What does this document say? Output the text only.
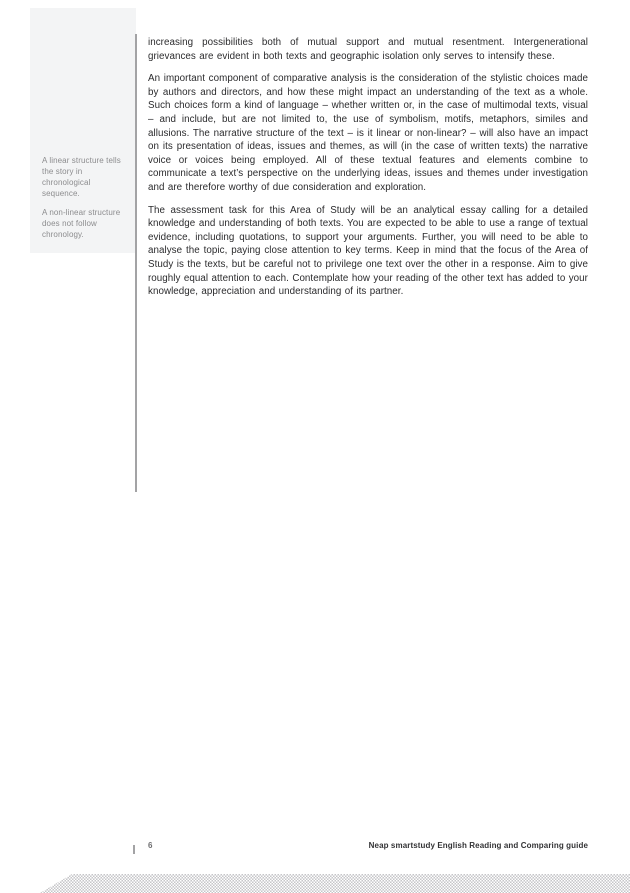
A linear structure tells the story in chronological sequence.

A non-linear structure does not follow chronology.

increasing possibilities both of mutual support and mutual resentment. Intergenerational grievances are evident in both texts and geographic isolation only serves to intensify these.

An important component of comparative analysis is the consideration of the stylistic choices made by authors and directors, and how these might impact an understanding of the text as a whole. Such choices form a kind of language – whether written or, in the case of multimodal texts, visual – and include, but are not limited to, the use of symbolism, motifs, metaphors, similes and allusions. The narrative structure of the text – is it linear or non-linear? – will also have an impact on its presentation of ideas, issues and themes, as will (in the case of written texts) the narrative voice or voices being employed. All of these textual features and elements combine to communicate a text’s perspective on the underlying ideas, issues and themes under investigation and are therefore worthy of due consideration and exploration.

The assessment task for this Area of Study will be an analytical essay calling for a detailed knowledge and understanding of both texts. You are expected to be able to use a range of textual evidence, including quotations, to support your arguments. Further, you will need to be able to analyse the topic, paying close attention to key terms. Keep in mind that the focus of the Area of Study is the texts, but be careful not to privilege one text over the other in a response. Aim to give roughly equal attention to each. Contemplate how your reading of the other text has added to your knowledge, appreciation and understanding of its partner.

6	Neap smartstudy English Reading and Comparing guide
